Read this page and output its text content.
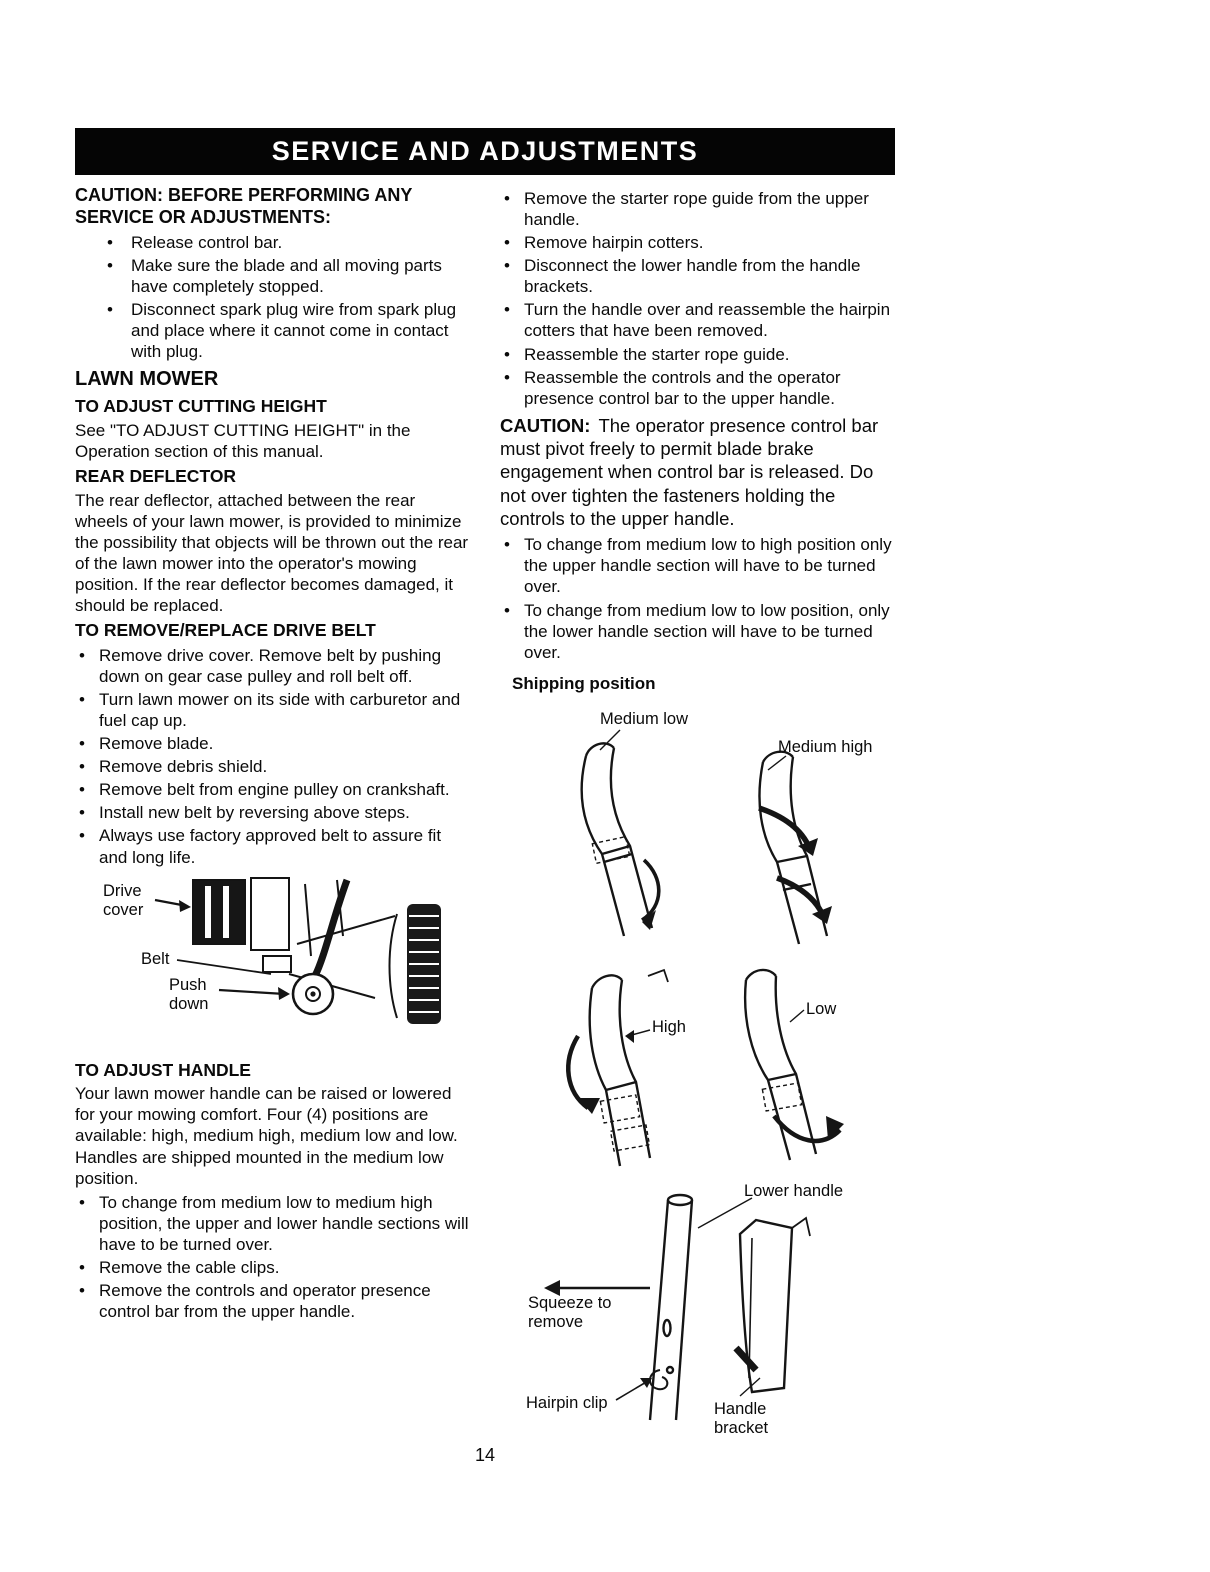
SERVICE AND ADJUSTMENTS

CAUTION: BEFORE PERFORMING ANY SERVICE OR ADJUSTMENTS:

•	Release control bar.
•	Make sure the blade and all moving parts have completely stopped.
•	Disconnect spark plug wire from spark plug and place where it cannot come in contact with plug.
LAWN MOWER
TO ADJUST CUTTING HEIGHT

See "TO ADJUST CUTTING HEIGHT" in the Operation section of this manual.

REAR DEFLECTOR

The rear deflector, attached between the rear wheels of your lawn mower, is provided to minimize the possibility that objects will be thrown out the rear of the lawn mower into the operator's mowing position. If the rear deflector becomes damaged, it should be replaced.

TO REMOVE/REPLACE DRIVE BELT
• Remove drive cover. Remove belt by pushing down on gear case pulley and roll belt off.
• Turn lawn mower on its side with carburetor and fuel cap up.
• Remove blade.
• Remove debris shield.
• Remove belt from engine pulley on crankshaft.
• Install new belt by reversing above steps.
• Always use factory approved belt to assure fit and long life.
Drive cover
Belt
Push down
TO ADJUST HANDLE

Your lawn mower handle can be raised or lowered for your mowing comfort. Four (4) positions are available: high, medium high, medium low and low. Handles are shipped mounted in the medium low position.

• To change from medium low to medium high position, the upper and lower handle sections will have to be turned over.
• Remove the cable clips.
• Remove the controls and operator presence control bar from the upper handle.
• Remove the starter rope guide from the upper handle.
• Remove hairpin cotters.
• Disconnect the lower handle from the handle brackets.
• Turn the handle over and reassemble the hairpin cotters that have been removed.
• Reassemble the starter rope guide.
• Reassemble the controls and the operator presence control bar to the upper handle.

CAUTION: The operator presence control bar must pivot freely to permit blade brake engagement when control bar is released. Do not over tighten the fasteners holding the controls to the upper handle.

• To change from medium low to high position only the upper handle section will have to be turned over.
• To change from medium low to low position, only the lower handle section will have to be turned over.

Shipping position

Medium low
Medium high
High
Low
Lower handle
Squeeze to remove
Hairpin clip	Handle bracket
14
